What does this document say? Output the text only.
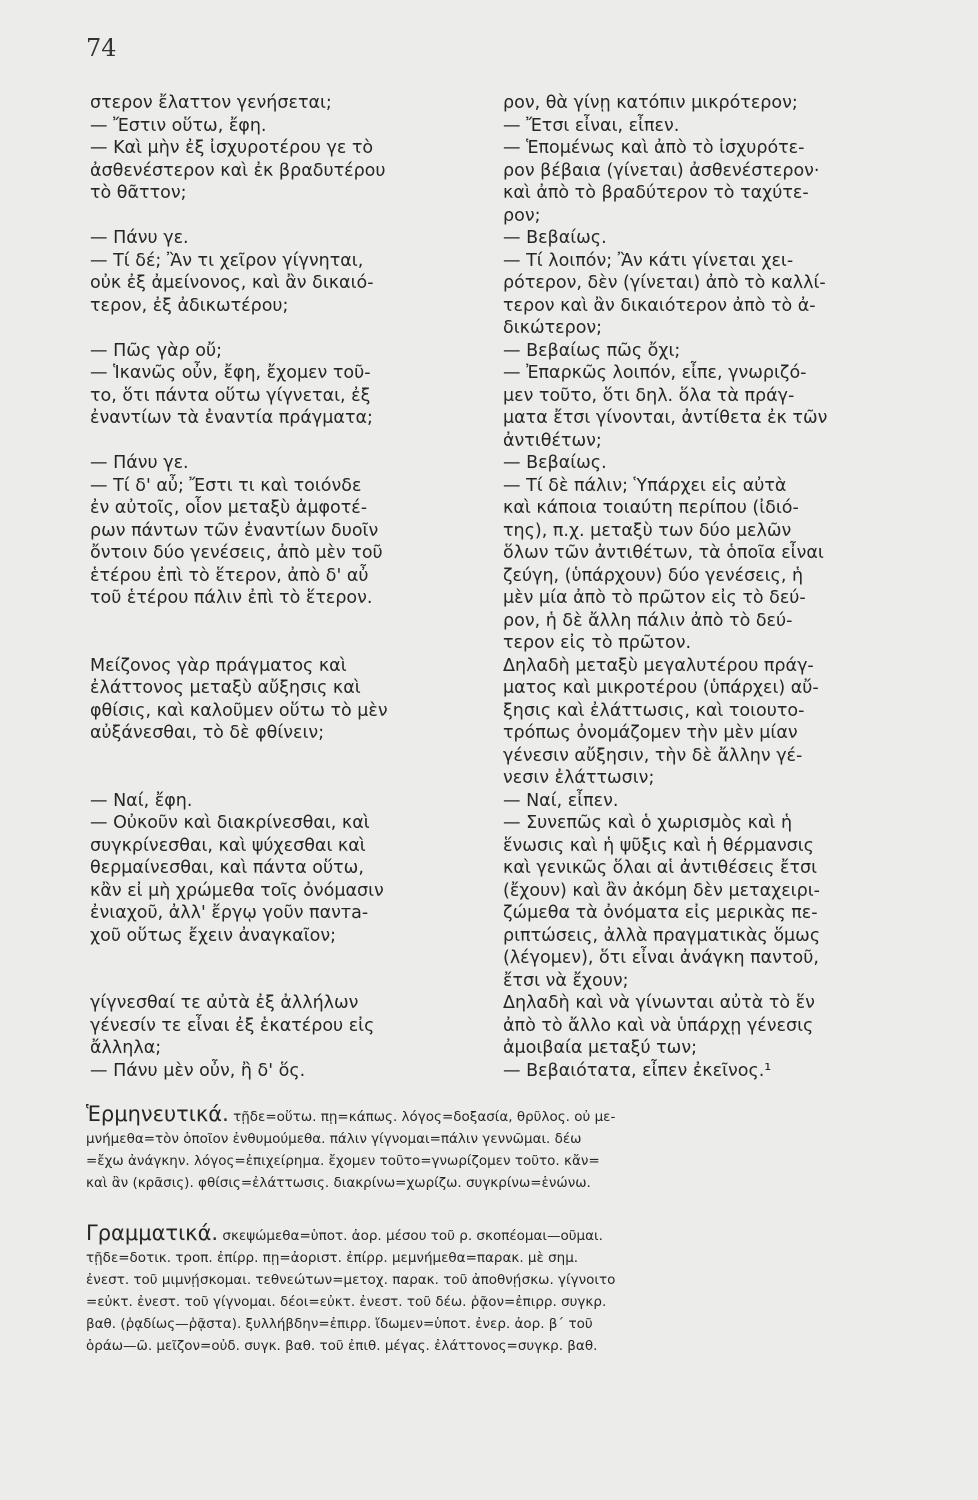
74

στερον ἔλαττον γενήσεται;

— Ἔστιν οὕτω, ἔφη.

— Καὶ μὴν ἐξ ἰσχυροτέρου γε τὸ

ἀσθενέστερον καὶ ἐκ βραδυτέρου

τὸ θᾶττον;

— Πάνυ γε.

— Τί δέ; Ἂν τι χεῖρον γίγνηται,

οὐκ ἐξ ἀμείνονος, καὶ ἂν δικαιό-

τερον, ἐξ ἀδικωτέρου;

— Πῶς γὰρ οὔ;

— Ἱκανῶς οὖν, ἔφη, ἔχομεν τοῦ-

το, ὅτι πάντα οὕτω γίγνεται, ἐξ

ἐναντίων τὰ ἐναντία πράγματα;

— Πάνυ γε.

— Τί δ' αὖ; Ἔστι τι καὶ τοιόνδε

ἐν αὐτοῖς, οἷον μεταξὺ ἀμφοτέ-

ρων πάντων τῶν ἐναντίων δυοῖν

ὄντοιν δύο γενέσεις, ἀπὸ μὲν τοῦ

ἑτέρου ἐπὶ τὸ ἕτερον, ἀπὸ δ' αὖ

τοῦ ἑτέρου πάλιν ἐπὶ τὸ ἕτερον.

Μείζονος γὰρ πράγματος καὶ

ἐλάττονος μεταξὺ αὔξησις καὶ

φθίσις, καὶ καλοῦμεν οὕτω τὸ μὲν

αὐξάνεσθαι, τὸ δὲ φθίνειν;

— Ναί, ἔφη.

— Οὐκοῦν καὶ διακρίνεσθαι, καὶ

συγκρίνεσθαι, καὶ ψύχεσθαι καὶ

θερμαίνεσθαι, καὶ πάντα οὕτω,

κἂν εἰ μὴ χρώμεθα τοῖς ὀνόμασιν

ἐνιαχοῦ, ἀλλ' ἔργῳ γοῦν πανта-

χοῦ οὕτως ἔχειν ἀναγκαῖον;

γίγνεσθαί τε αὐτὰ ἐξ ἀλλήλων

γένεσίν τε εἶναι ἐξ ἑκατέρου εἰς

ἄλληλα;

— Πάνυ μὲν οὖν, ἢ δ' ὅς.

ρον, θὰ γίνῃ κατόπιν μικρότερον;

— Ἔτσι εἶναι, εἶπεν.

— Ἑπομένως καὶ ἀπὸ τὸ ἰσχυρότε-

ρον βέβαια (γίνεται) ἀσθενέστερον·

καὶ ἀπὸ τὸ βραδύτερον τὸ ταχύτε-

ρον;

— Βεβαίως.

— Τί λοιπόν; Ἂν κάτι γίνεται χει-

ρότερον, δὲν (γίνεται) ἀπὸ τὸ καλλί-

τερον καὶ ἂν δικαιότερον ἀπὸ τὸ ἀ-

δικώτερον;

— Βεβαίως πῶς ὄχι;

— Ἐπαρκῶς λοιπόν, εἶπε, γνωριζό-

μεν τοῦτο, ὅτι δηλ. ὅλα τὰ πράγ-

ματα ἔτσι γίνονται, ἀντίθετα ἐκ τῶν

ἀντιθέτων;

— Βεβαίως.

— Τί δὲ πάλιν; Ὑπάρχει εἰς αὐτὰ

καὶ κάποια τοιαύτη περίπου (ἰδιό-

της), π.χ. μεταξὺ των δύο μελῶν

ὅλων τῶν ἀντιθέτων, τὰ ὁποῖα εἶναι

ζεύγη, (ὑπάρχουν) δύο γενέσεις, ἡ

μὲν μία ἀπὸ τὸ πρῶτον εἰς τὸ δεύ-

ρον, ἡ δὲ ἄλλη πάλιν ἀπὸ τὸ δεύ-

τερον εἰς τὸ πρῶτον.

Δηλαδὴ μεταξὺ μεγαλυτέρου πράγ-

ματος καὶ μικροτέρου (ὑπάρχει) αὔ-

ξησις καὶ ἐλάττωσις, καὶ τοιουτο-

τρόπως ὀνομάζομεν τὴν μὲν μίαν

γένεσιν αὔξησιν, τὴν δὲ ἄλλην γέ-

νεσιν ἐλάττωσιν;

— Ναί, εἶπεν.

— Συνεπῶς καὶ ὁ χωρισμὸς καὶ ἡ

ἕνωσις καὶ ἡ ψῦξις καὶ ἡ θέρμανσις

καὶ γενικῶς ὅλαι αἱ ἀντιθέσεις ἔτσι

(ἔχουν) καὶ ἂν ἀκόμη δὲν μεταχειρι-

ζώμεθα τὰ ὀνόματα εἰς μερικὰς πε-

ριπτώσεις, ἀλλὰ πραγματικὰς ὅμως

(λέγομεν), ὅτι εἶναι ἀνάγκη παντοῦ,

ἔτσι νὰ ἔχουν;

Δηλαδὴ καὶ νὰ γίνωνται αὐτὰ τὸ ἕν

ἀπὸ τὸ ἄλλο καὶ νὰ ὑπάρχῃ γένεσις

ἀμοιβαία μεταξύ των;

— Βεβαιότατα, εἶπεν ἐκεῖνος.¹

Ἑρμηνευτικά. τῇδε=οὕτω. πῃ=κάπως. λόγος=δοξασία, θρῦλος. οὐ με-

μνήμεθα=τὸν ὁποῖον ἐνθυμούμεθα. πάλιν γίγνομαι=πάλιν γεννῶμαι. δέω

=ἔχω ἀνάγκην. λόγος=ἐπιχείρημα. ἔχομεν τοῦτο=γνωρίζομεν τοῦτο. κἄν=

καὶ ἂν (κρᾶσις). φθίσις=ἐλάττωσις. διακρίνω=χωρίζω. συγκρίνω=ἑνώνω.

Γραμματικά. σκεψώμεθα=ὑποτ. ἀορ. μέσου τοῦ ρ. σκοπέομαι—οῦμαι.

τῇδε=δοτικ. τροπ. ἐπίρρ. πῃ=ἀοριστ. ἐπίρρ. μεμνήμεθα=παρακ. μὲ σημ.

ἐνεστ. τοῦ μιμνῄσκομαι. τεθνεώτων=μετοχ. παρακ. τοῦ ἀποθνῄσκω. γίγνοιτο

=εὐκτ. ἐνεστ. τοῦ γίγνομαι. δέοι=εὐκτ. ἐνεστ. τοῦ δέω. ῥᾷον=ἐπιρρ. συγκρ.

βαθ. (ῥᾳδίως—ῥᾷστα). ξυλλήβδην=ἐπιρρ. ἴδωμεν=ὑποτ. ἐνερ. ἀορ. β΄ τοῦ

ὁράω—ῶ. μεῖζον=οὐδ. συγκ. βαθ. τοῦ ἐπιθ. μέγας. ἐλάττονος=συγκρ. βαθ.
